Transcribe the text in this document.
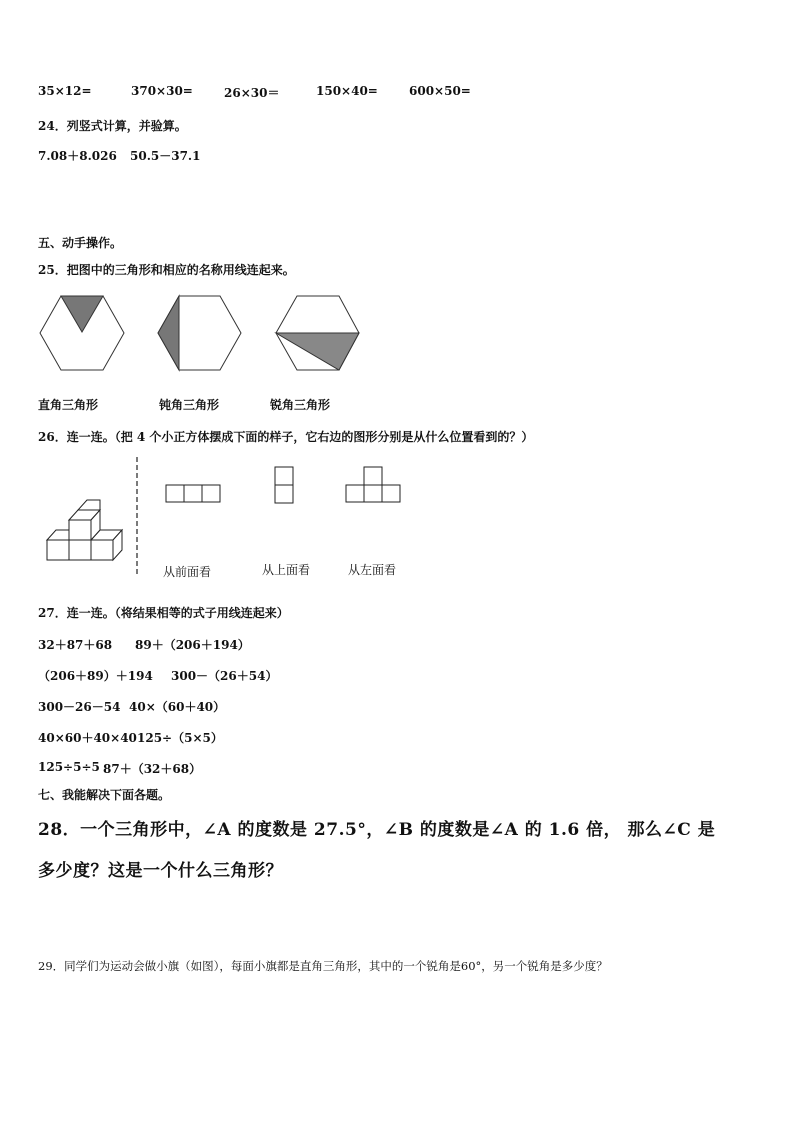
35×12=	370×30=	26×30＝	150×40=	600×50=
24．列竖式计算，并验算。
7.08＋8.026 50.5－37.1
五、动手操作。
25．把图中的三角形和相应的名称用线连起来。
直角三角形	钝角三角形	锐角三角形
26．连一连。（把 4 个小正方体摆成下面的样子，它右边的图形分别是从什么位置看到的？）
从前面看	从上面看	从左面看
27．连一连。（将结果相等的式子用线连起来）
32＋87＋68 89＋（206＋194）
（206＋89）＋194 300－（26＋54）
300－26－54 40×（60＋40）
40×60＋40×40 125÷（5×5）
125÷5÷5 87＋（32＋68）
七、我能解决下面各题。
28．一个三角形中，∠A 的度数是 27.5°，∠B 的度数是∠A 的 1.6 倍， 那么∠C 是
多少度？这是一个什么三角形？
29．同学们为运动会做小旗（如图），每面小旗都是直角三角形，其中的一个锐角是60°，另一个锐角是多少度？
